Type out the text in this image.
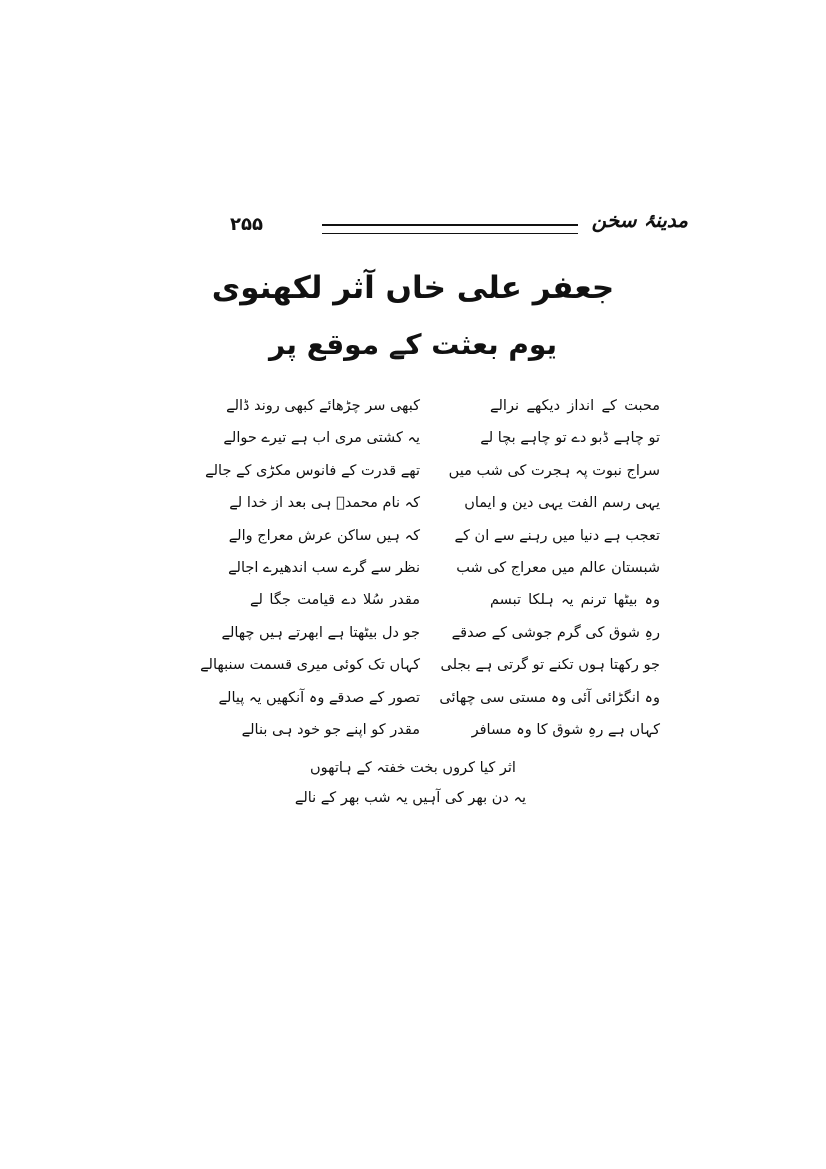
۲۵۵	مدینۂ سخن
جعفر علی خاں آثر لکھنوی
یوم بعثت کے موقع پر
محبت کے انداز دیکھے نرالے
کبھی سر چڑھائے کبھی روند ڈالے
تو چاہے ڈبو دے تو چاہے بچا لے
یہ کشتی مری اب ہے تیرے حوالے
سراج نبوت پہ ہجرت کی شب میں
تھے قدرت کے فانوس مکڑی کے جالے
یہی رسم الفت یہی دین و ایماں
کہ نام محمدؐ ہی بعد از خدا لے
تعجب ہے دنیا میں رہنے سے ان کے
کہ ہیں ساکن عرش معراج والے
شبستان عالم میں معراج کی شب
نظر سے گرے سب اندھیرے اجالے
وہ بیٹھا ترنم یہ ہلکا تبسم
مقدر سُلا دے قیامت جگا لے
رہِ شوق کی گرم جوشی کے صدقے
جو دل بیٹھتا ہے ابھرتے ہیں چھالے
جو رکھتا ہوں تکنے تو گرتی ہے بجلی
کہاں تک کوئی میری قسمت سنبھالے
وہ انگڑائی آئی وہ مستی سی چھائی
تصور کے صدقے وہ آنکھیں یہ پیالے
کہاں ہے رہِ شوق کا وہ مسافر
مقدر کو اپنے جو خود ہی بنالے
اثر کیا کروں بخت خفتہ کے ہاتھوں
یہ دن بھر کی آہیں یہ شب بھر کے نالے
